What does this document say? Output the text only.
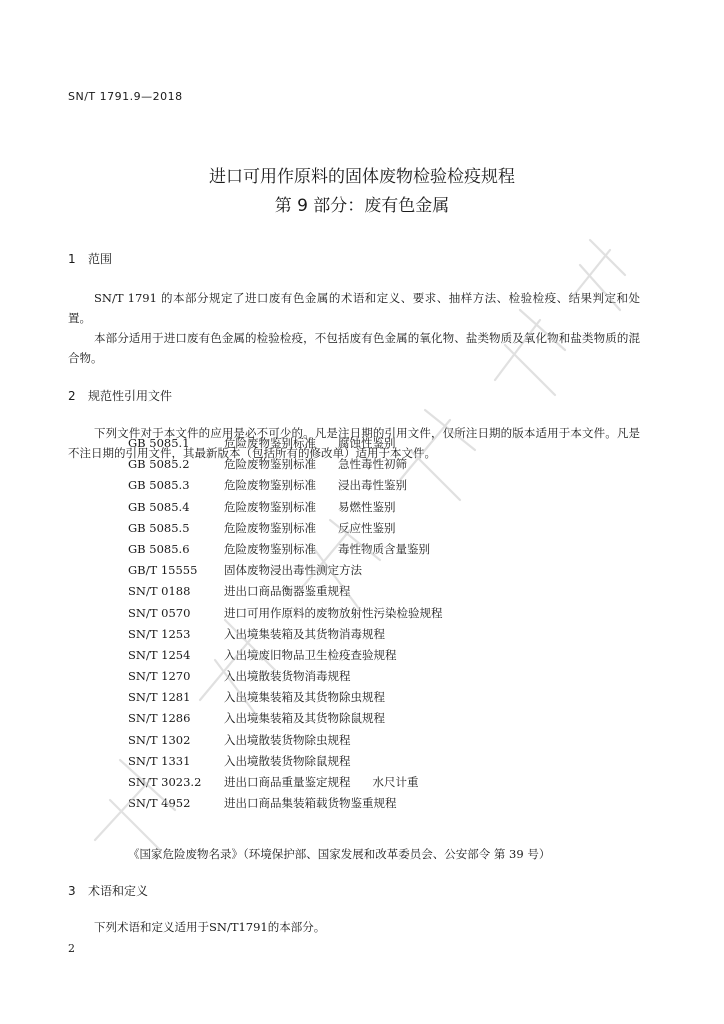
SN/T 1791.9—2018
进口可用作原料的固体废物检验检疫规程
第 9 部分：废有色金属
1 范围

SN/T 1791 的本部分规定了进口废有色金属的术语和定义、要求、抽样方法、检验检疫、结果判定和处置。

本部分适用于进口废有色金属的检验检疫，不包括废有色金属的氧化物、盐类物质及氧化物和盐类物质的混合物。

2 规范性引用文件

下列文件对于本文件的应用是必不可少的。凡是注日期的引用文件，仅所注日期的版本适用于本文件。凡是不注日期的引用文件，其最新版本（包括所有的修改单）适用于本文件。

GB 5085.1	危险废物鉴别标准 腐蚀性鉴别
GB 5085.2	危险废物鉴别标准 急性毒性初筛
GB 5085.3	危险废物鉴别标准 浸出毒性鉴别
GB 5085.4	危险废物鉴别标准 易燃性鉴别
GB 5085.5	危险废物鉴别标准 反应性鉴别
GB 5085.6	危险废物鉴别标准 毒性物质含量鉴别
GB/T 15555 固体废物浸出毒性测定方法
SN/T 0188	进出口商品衡器鉴重规程
SN/T 0570	进口可用作原料的废物放射性污染检验规程
SN/T 1253	入出境集装箱及其货物消毒规程
SN/T 1254	入出境废旧物品卫生检疫查验规程
SN/T 1270	入出境散装货物消毒规程
SN/T 1281	入出境集装箱及其货物除虫规程
SN/T 1286	入出境集装箱及其货物除鼠规程
SN/T 1302	入出境散装货物除虫规程
SN/T 1331	入出境散装货物除鼠规程
SN/T 3023.2 进出口商品重量鉴定规程 水尺计重
SN/T 4952	进出口商品集装箱载货物鉴重规程
《国家危险废物名录》（环境保护部、国家发展和改革委员会、公安部令 第 39 号）
3 术语和定义

下列术语和定义适用于SN/T1791的本部分。

2
